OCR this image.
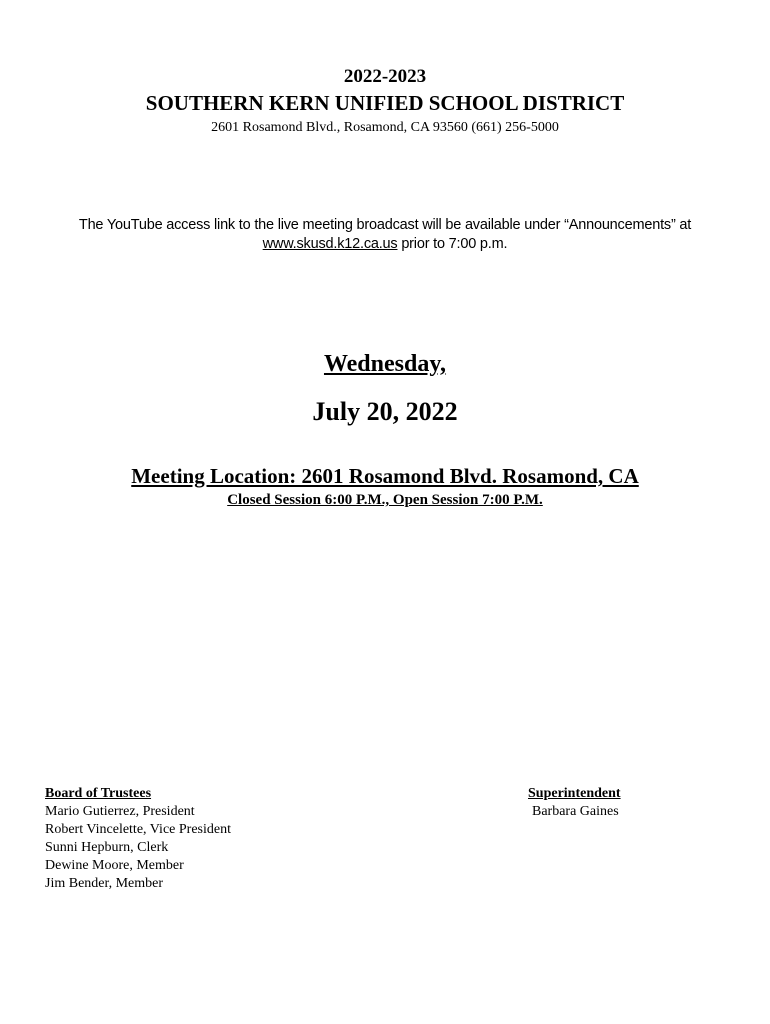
2022-2023
SOUTHERN KERN UNIFIED SCHOOL DISTRICT
2601 Rosamond Blvd., Rosamond, CA 93560 (661) 256-5000
The YouTube access link to the live meeting broadcast will be available under “Announcements” at
www.skusd.k12.ca.us prior to 7:00 p.m.
Wednesday,
July 20, 2022
Meeting Location: 2601 Rosamond Blvd. Rosamond, CA
Closed Session 6:00 P.M., Open Session 7:00 P.M.
Board of Trustees
Mario Gutierrez, President
Robert Vincelette, Vice President
Sunni Hepburn, Clerk
Dewine Moore, Member
Jim Bender, Member
Superintendent
Barbara Gaines
